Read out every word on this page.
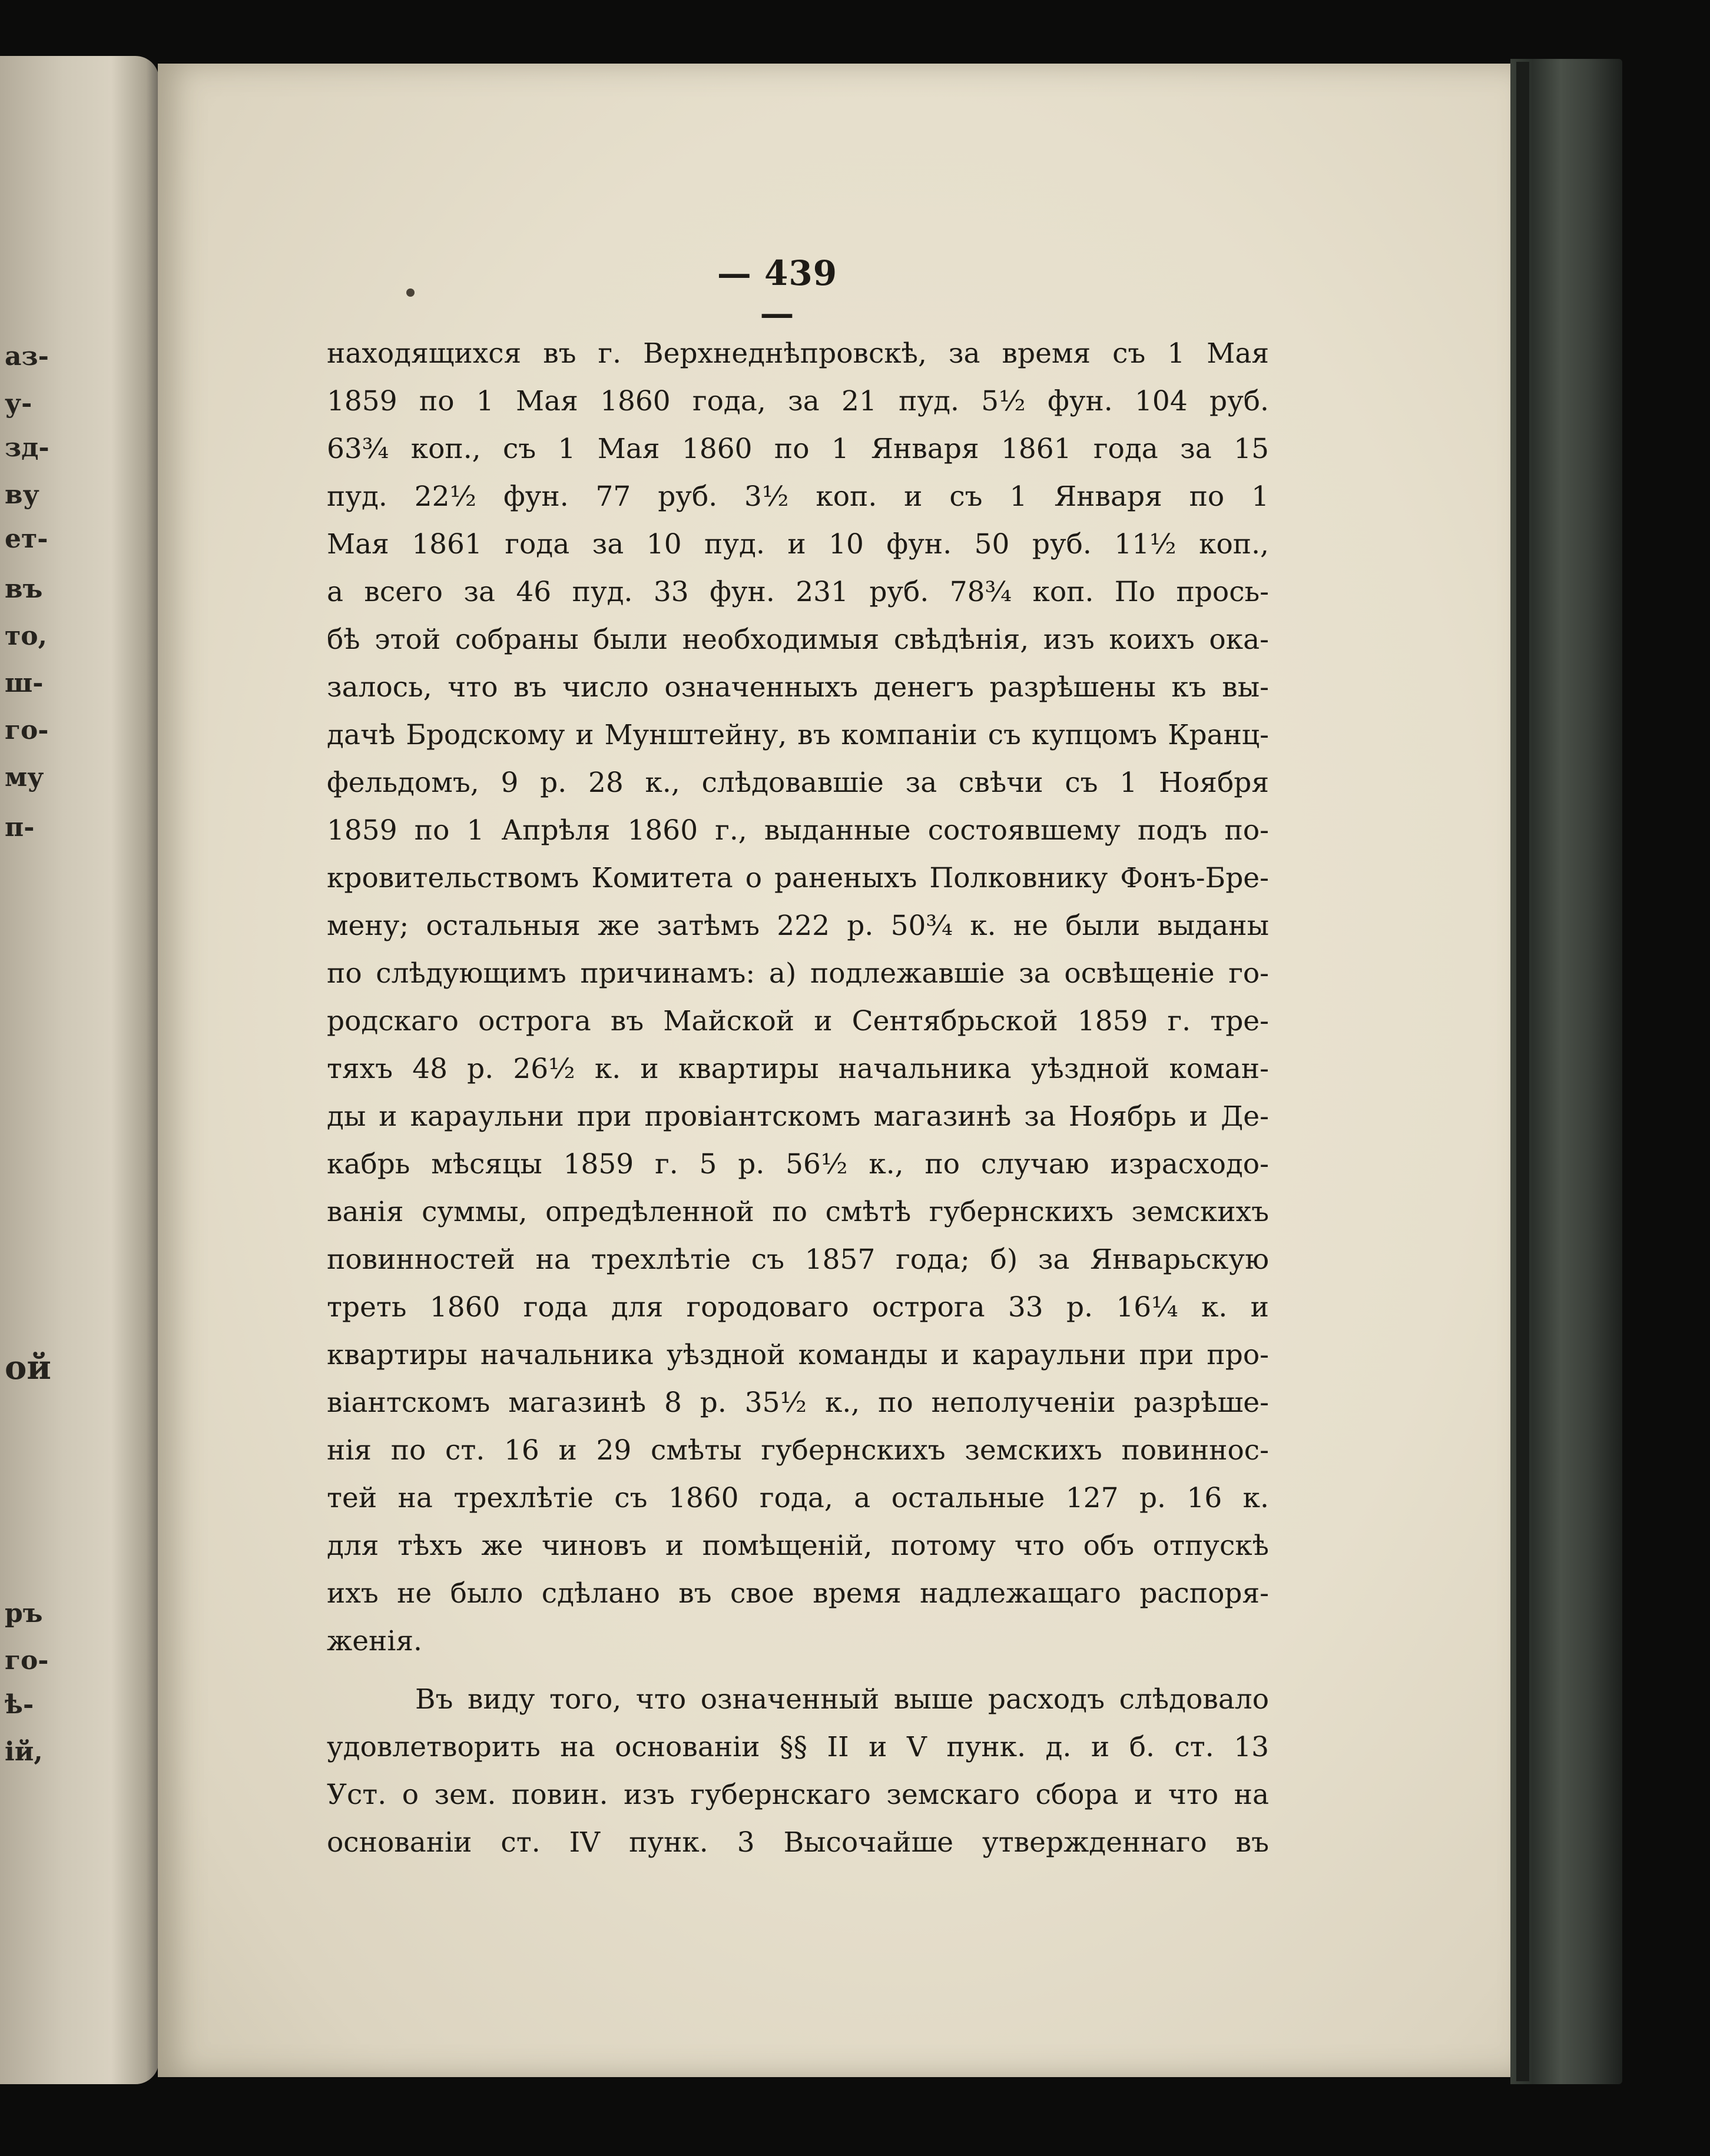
аз-
у-
зд-
ву
ет-
въ
то,
ш-
го-
му
п-
ой
ръ
го-
ѣ-
ій,
— 439 —
находящихся въ г. Верхнеднѣпровскѣ, за время съ 1 Мая
1859 по 1 Мая 1860 года, за 21 пуд. 5½ фун. 104 руб.
63¾ коп., съ 1 Мая 1860 по 1 Января 1861 года за 15
пуд. 22½ фун. 77 руб. 3½ коп. и съ 1 Января по 1
Мая 1861 года за 10 пуд. и 10 фун. 50 руб. 11½ коп.,
а всего за 46 пуд. 33 фун. 231 руб. 78¾ коп. По прось-
бѣ этой собраны были необходимыя свѣдѣнія, изъ коихъ ока-
залось, что въ число означенныхъ денегъ разрѣшены къ вы-
дачѣ Бродскому и Мунштейну, въ компаніи съ купцомъ Кранц-
фельдомъ, 9 р. 28 к., слѣдовавшіе за свѣчи съ 1 Ноября
1859 по 1 Апрѣля 1860 г., выданные состоявшему подъ по-
кровительствомъ Комитета о раненыхъ Полковнику Фонъ-Бре-
мену; остальныя же затѣмъ 222 р. 50¾ к. не были выданы
по слѣдующимъ причинамъ: а) подлежавшіе за освѣщеніе го-
родскаго острога въ Майской и Сентябрьской 1859 г. тре-
тяхъ 48 р. 26½ к. и квартиры начальника уѣздной коман-
ды и караульни при провіантскомъ магазинѣ за Ноябрь и Де-
кабрь мѣсяцы 1859 г. 5 р. 56½ к., по случаю израсходо-
ванія суммы, опредѣленной по смѣтѣ губернскихъ земскихъ
повинностей на трехлѣтіе съ 1857 года; б) за Январьскую
треть 1860 года для городоваго острога 33 р. 16¼ к. и
квартиры начальника уѣздной команды и караульни при про-
віантскомъ магазинѣ 8 р. 35½ к., по неполученіи разрѣше-
нія по ст. 16 и 29 смѣты губернскихъ земскихъ повиннос-
тей на трехлѣтіе съ 1860 года, а остальные 127 р. 16 к.
для тѣхъ же чиновъ и помѣщеній, потому что объ отпускѣ
ихъ не было сдѣлано въ свое время надлежащаго распоря-
женія.
Въ виду того, что означенный выше расходъ слѣдовало
удовлетворить на основаніи §§ II и V пунк. д. и б. ст. 13
Уст. о зем. повин. изъ губернскаго земскаго сбора и что на
основаніи ст. IV пунк. 3 Высочайше утвержденнаго въ
